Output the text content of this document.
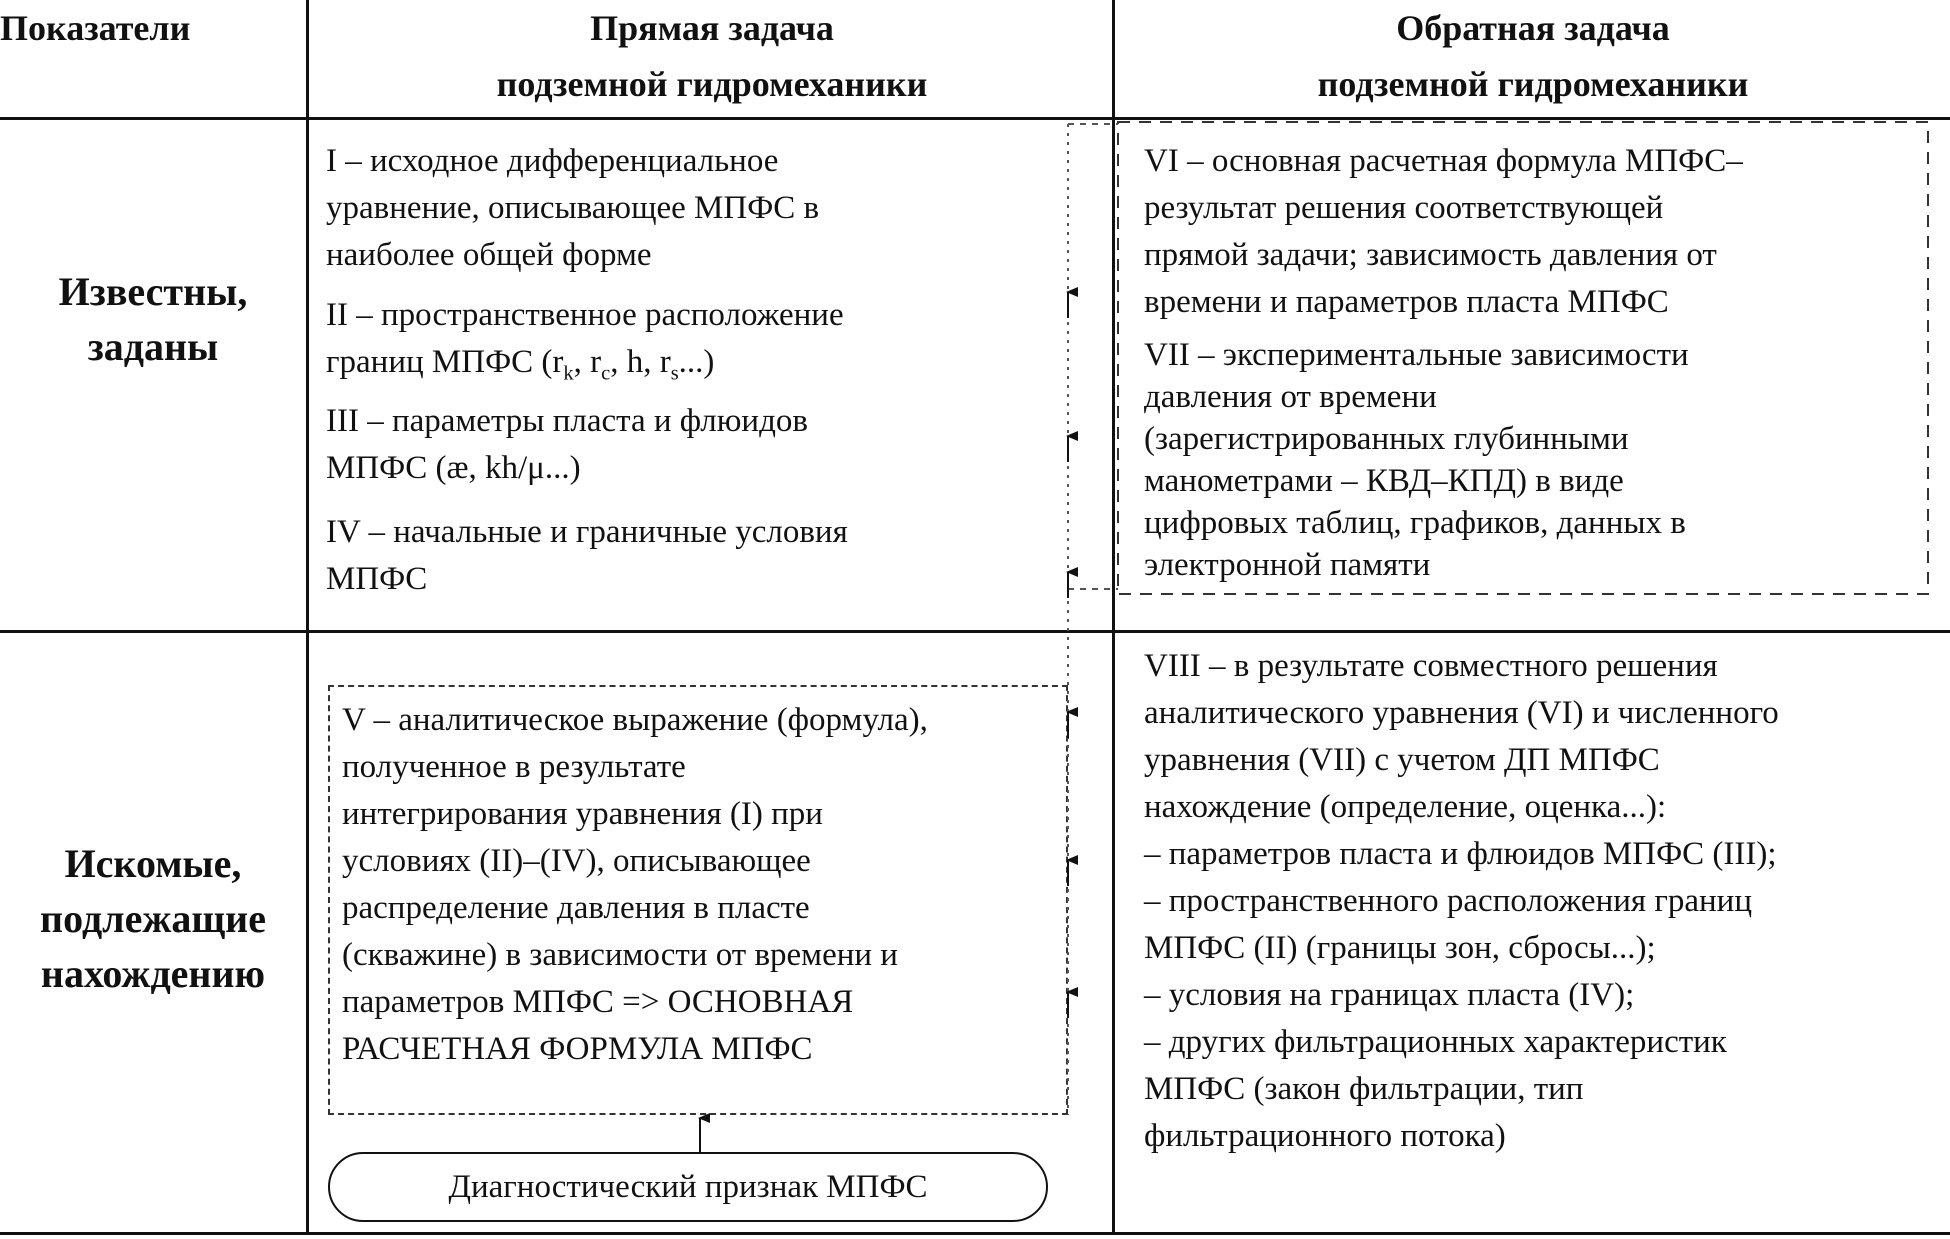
Показатели	Прямая задача
подземной гидромеханики
Обратная задача
подземной гидромеханики
Известны,
заданы
I – исходное дифференциальное
уравнение, описывающее МПФС в
наиболее общей форме
II – пространственное расположение
границ МПФС ($r_k$, $r_c$, h, $r_s$...)
III – параметры пласта и флюидов
МПФС (æ, kh/μ...)
IV – начальные и граничные условия
МПФС
VI – основная расчетная формула МПФС–
результат решения соответствующей
прямой задачи; зависимость давления от
времени и параметров пласта МПФС
VII – экспериментальные зависимости
давления от времени
(зарегистрированных глубинными
манометрами – КВД–КПД) в виде
цифровых таблиц, графиков, данных в
электронной памяти
Искомые,
подлежащие
нахождению
V – аналитическое выражение (формула),
полученное в результате
интегрирования уравнения (I) при
условиях (II)–(IV), описывающее
распределение давления в пласте
(скважине) в зависимости от времени и
параметров МПФС => ОСНОВНАЯ
РАСЧЕТНАЯ ФОРМУЛА МПФС
Диагностический признак МПФС
VIII – в результате совместного решения
аналитического уравнения (VI) и численного
уравнения (VII) с учетом ДП МПФС
нахождение (определение, оценка...):
– параметров пласта и флюидов МПФС (III);
– пространственного расположения границ
МПФС (II) (границы зон, сбросы...);
– условия на границах пласта (IV);
– других фильтрационных характеристик
МПФС (закон фильтрации, тип
фильтрационного потока)
